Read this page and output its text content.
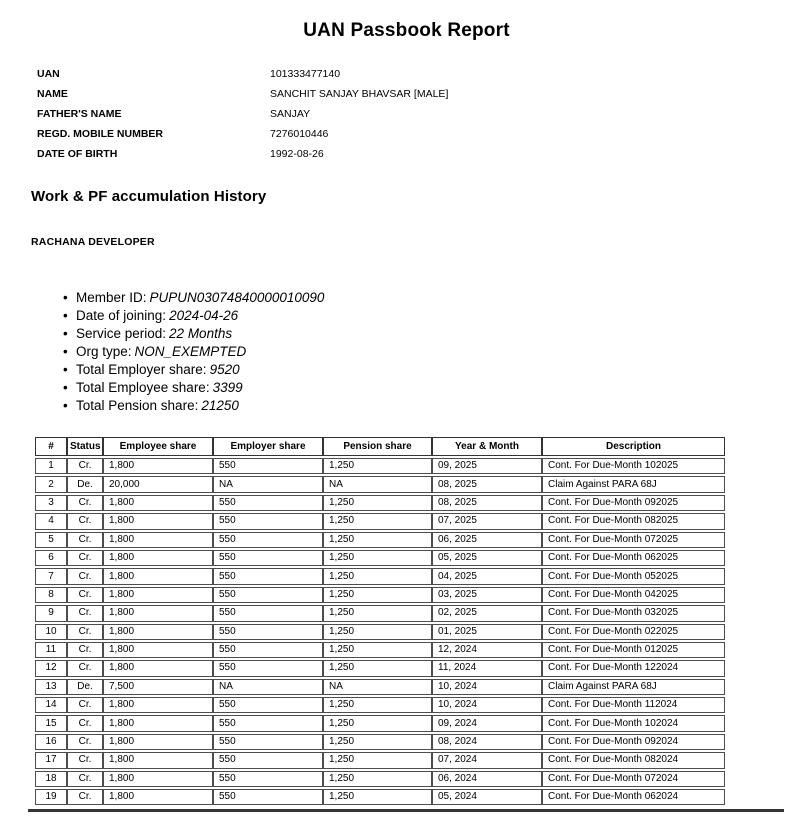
UAN Passbook Report
UAN	101333477140
NAME	SANCHIT SANJAY BHAVSAR [MALE]
FATHER'S NAME	SANJAY
REGD. MOBILE NUMBER	7276010446
DATE OF BIRTH	1992-08-26
Work & PF accumulation History
RACHANA DEVELOPER
• Member ID: PUPUN03074840000010090
• Date of joining: 2024-04-26
• Service period: 22 Months
• Org type: NON_EXEMPTED
• Total Employer share: 9520
• Total Employee share: 3399
• Total Pension share: 21250
#	Status	Employee share	Employer share	Pension share	Year & Month	Description
1	Cr.	1,800	550	1,250	09, 2025	Cont. For Due-Month 102025
2	De.	20,000	NA	NA	08, 2025	Claim Against PARA 68J
3	Cr.	1,800	550	1,250	08, 2025	Cont. For Due-Month 092025
4	Cr.	1,800	550	1,250	07, 2025	Cont. For Due-Month 082025
5	Cr.	1,800	550	1,250	06, 2025	Cont. For Due-Month 072025
6	Cr.	1,800	550	1,250	05, 2025	Cont. For Due-Month 062025
7	Cr.	1,800	550	1,250	04, 2025	Cont. For Due-Month 052025
8	Cr.	1,800	550	1,250	03, 2025	Cont. For Due-Month 042025
9	Cr.	1,800	550	1,250	02, 2025	Cont. For Due-Month 032025
10	Cr.	1,800	550	1,250	01, 2025	Cont. For Due-Month 022025
11	Cr.	1,800	550	1,250	12, 2024	Cont. For Due-Month 012025
12	Cr.	1,800	550	1,250	11, 2024	Cont. For Due-Month 122024
13	De.	7,500	NA	NA	10, 2024	Claim Against PARA 68J
14	Cr.	1,800	550	1,250	10, 2024	Cont. For Due-Month 112024
15	Cr.	1,800	550	1,250	09, 2024	Cont. For Due-Month 102024
16	Cr.	1,800	550	1,250	08, 2024	Cont. For Due-Month 092024
17	Cr.	1,800	550	1,250	07, 2024	Cont. For Due-Month 082024
18	Cr.	1,800	550	1,250	06, 2024	Cont. For Due-Month 072024
19	Cr.	1,800	550	1,250	05, 2024	Cont. For Due-Month 062024
